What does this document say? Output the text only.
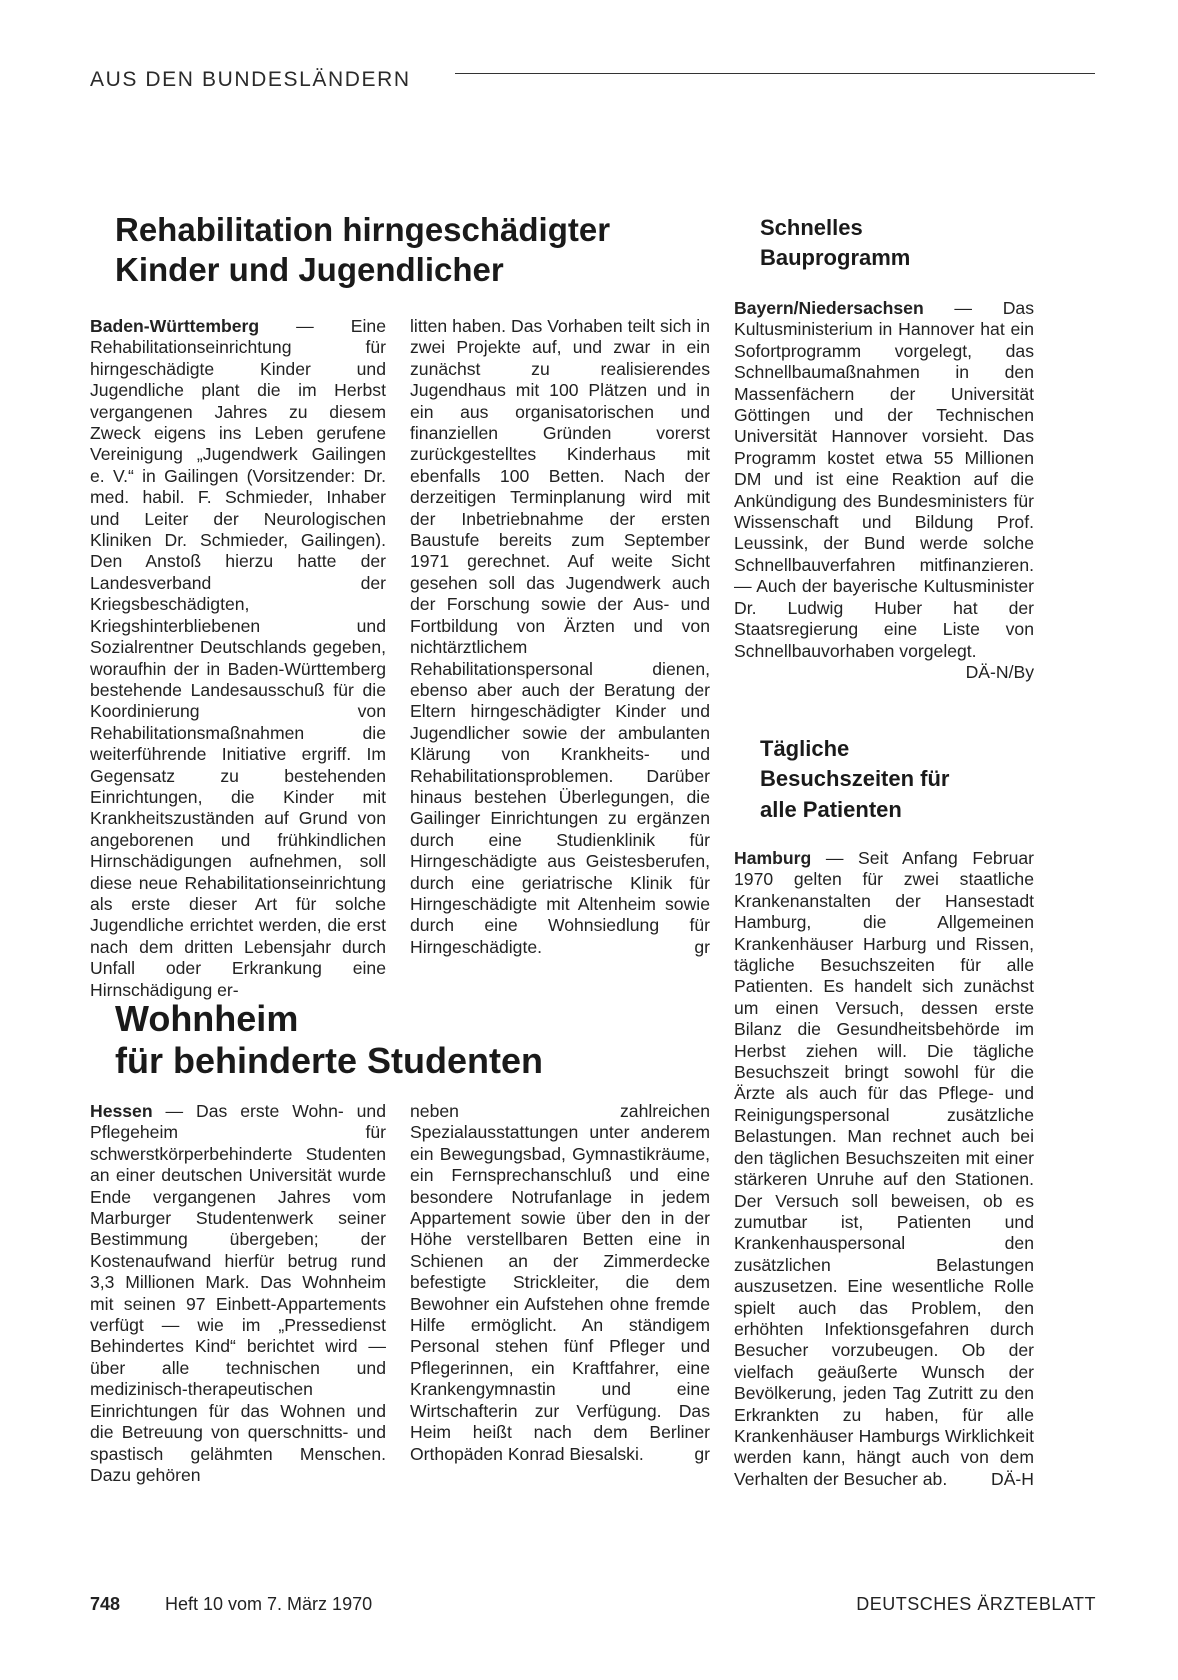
AUS DEN BUNDESLÄNDERN
Rehabilitation hirngeschädigter
Kinder und Jugendlicher

Baden-Württemberg — Eine Rehabilitationseinrichtung für hirngeschädigte Kinder und Jugendliche plant die im Herbst vergangenen Jahres zu diesem Zweck eigens ins Leben gerufene Vereinigung „Jugendwerk Gailingen e. V.“ in Gailingen (Vorsitzender: Dr. med. habil. F. Schmieder, Inhaber und Leiter der Neurologischen Kliniken Dr. Schmieder, Gailingen). Den Anstoß hierzu hatte der Landesverband der Kriegsbeschädigten, Kriegshinterbliebenen und Sozialrentner Deutschlands gegeben, woraufhin der in Baden-Württemberg bestehende Landesausschuß für die Koordinierung von Rehabilitationsmaßnahmen die weiterführende Initiative ergriff. Im Gegensatz zu bestehenden Einrichtungen, die Kinder mit Krankheitszuständen auf Grund von angeborenen und frühkindlichen Hirnschädigungen aufnehmen, soll diese neue Rehabilitationseinrichtung als erste dieser Art für solche Jugendliche errichtet werden, die erst nach dem dritten Lebensjahr durch Unfall oder Erkrankung eine Hirnschädigung er-

litten haben. Das Vorhaben teilt sich in zwei Projekte auf, und zwar in ein zunächst zu realisierendes Jugendhaus mit 100 Plätzen und in ein aus organisatorischen und finanziellen Gründen vorerst zurückgestelltes Kinderhaus mit ebenfalls 100 Betten. Nach der derzeitigen Terminplanung wird mit der Inbetriebnahme der ersten Baustufe bereits zum September 1971 gerechnet. Auf weite Sicht gesehen soll das Jugendwerk auch der Forschung sowie der Aus- und Fortbildung von Ärzten und von nichtärztlichem Rehabilitationspersonal dienen, ebenso aber auch der Beratung der Eltern hirngeschädigter Kinder und Jugendlicher sowie der ambulanten Klärung von Krankheits- und Rehabilitationsproblemen. Darüber hinaus bestehen Überlegungen, die Gailinger Einrichtungen zu ergänzen durch eine Studienklinik für Hirngeschädigte aus Geistesberufen, durch eine geriatrische Klinik für Hirngeschädigte mit Altenheim sowie durch eine Wohnsiedlung für Hirngeschädigte.	gr

Wohnheim
für behinderte Studenten

Hessen — Das erste Wohn- und Pflegeheim für schwerstkörperbehinderte Studenten an einer deutschen Universität wurde Ende vergangenen Jahres vom Marburger Studentenwerk seiner Bestimmung übergeben; der Kostenaufwand hierfür betrug rund 3,3 Millionen Mark. Das Wohnheim mit seinen 97 Einbett-Appartements verfügt — wie im „Pressedienst Behindertes Kind“ berichtet wird — über alle technischen und medizinisch-therapeutischen Einrichtungen für das Wohnen und die Betreuung von querschnitts- und spastisch gelähmten Menschen. Dazu gehören

neben zahlreichen Spezialausstattungen unter anderem ein Bewegungsbad, Gymnastikräume, ein Fernsprechanschluß und eine besondere Notrufanlage in jedem Appartement sowie über den in der Höhe verstellbaren Betten eine in Schienen an der Zimmerdecke befestigte Strickleiter, die dem Bewohner ein Aufstehen ohne fremde Hilfe ermöglicht. An ständigem Personal stehen fünf Pfleger und Pflegerinnen, ein Kraftfahrer, eine Krankengymnastin und eine Wirtschafterin zur Verfügung. Das Heim heißt nach dem Berliner Orthopäden Konrad Biesalski.	gr

Schnelles
Bauprogramm

Bayern/Niedersachsen — Das Kultusministerium in Hannover hat ein Sofortprogramm vorgelegt, das Schnellbaumaßnahmen in den Massenfächern der Universität Göttingen und der Technischen Universität Hannover vorsieht. Das Programm kostet etwa 55 Millionen DM und ist eine Reaktion auf die Ankündigung des Bundesministers für Wissenschaft und Bildung Prof. Leussink, der Bund werde solche Schnellbauverfahren mitfinanzieren. — Auch der bayerische Kultusminister Dr. Ludwig Huber hat der Staatsregierung eine Liste von Schnellbauvorhaben vorgelegt.
DÄ-N/By

Tägliche
Besuchszeiten für
alle Patienten

Hamburg — Seit Anfang Februar 1970 gelten für zwei staatliche Krankenanstalten der Hansestadt Hamburg, die Allgemeinen Krankenhäuser Harburg und Rissen, tägliche Besuchszeiten für alle Patienten. Es handelt sich zunächst um einen Versuch, dessen erste Bilanz die Gesundheitsbehörde im Herbst ziehen will. Die tägliche Besuchszeit bringt sowohl für die Ärzte als auch für das Pflege- und Reinigungspersonal zusätzliche Belastungen. Man rechnet auch bei den täglichen Besuchszeiten mit einer stärkeren Unruhe auf den Stationen. Der Versuch soll beweisen, ob es zumutbar ist, Patienten und Krankenhauspersonal den zusätzlichen Belastungen auszusetzen. Eine wesentliche Rolle spielt auch das Problem, den erhöhten Infektionsgefahren durch Besucher vorzubeugen. Ob der vielfach geäußerte Wunsch der Bevölkerung, jeden Tag Zutritt zu den Erkrankten zu haben, für alle Krankenhäuser Hamburgs Wirklichkeit werden kann, hängt auch von dem Verhalten der Besucher ab. DÄ-H

748 Heft 10 vom 7. März 1970	DEUTSCHES ÄRZTEBLATT
